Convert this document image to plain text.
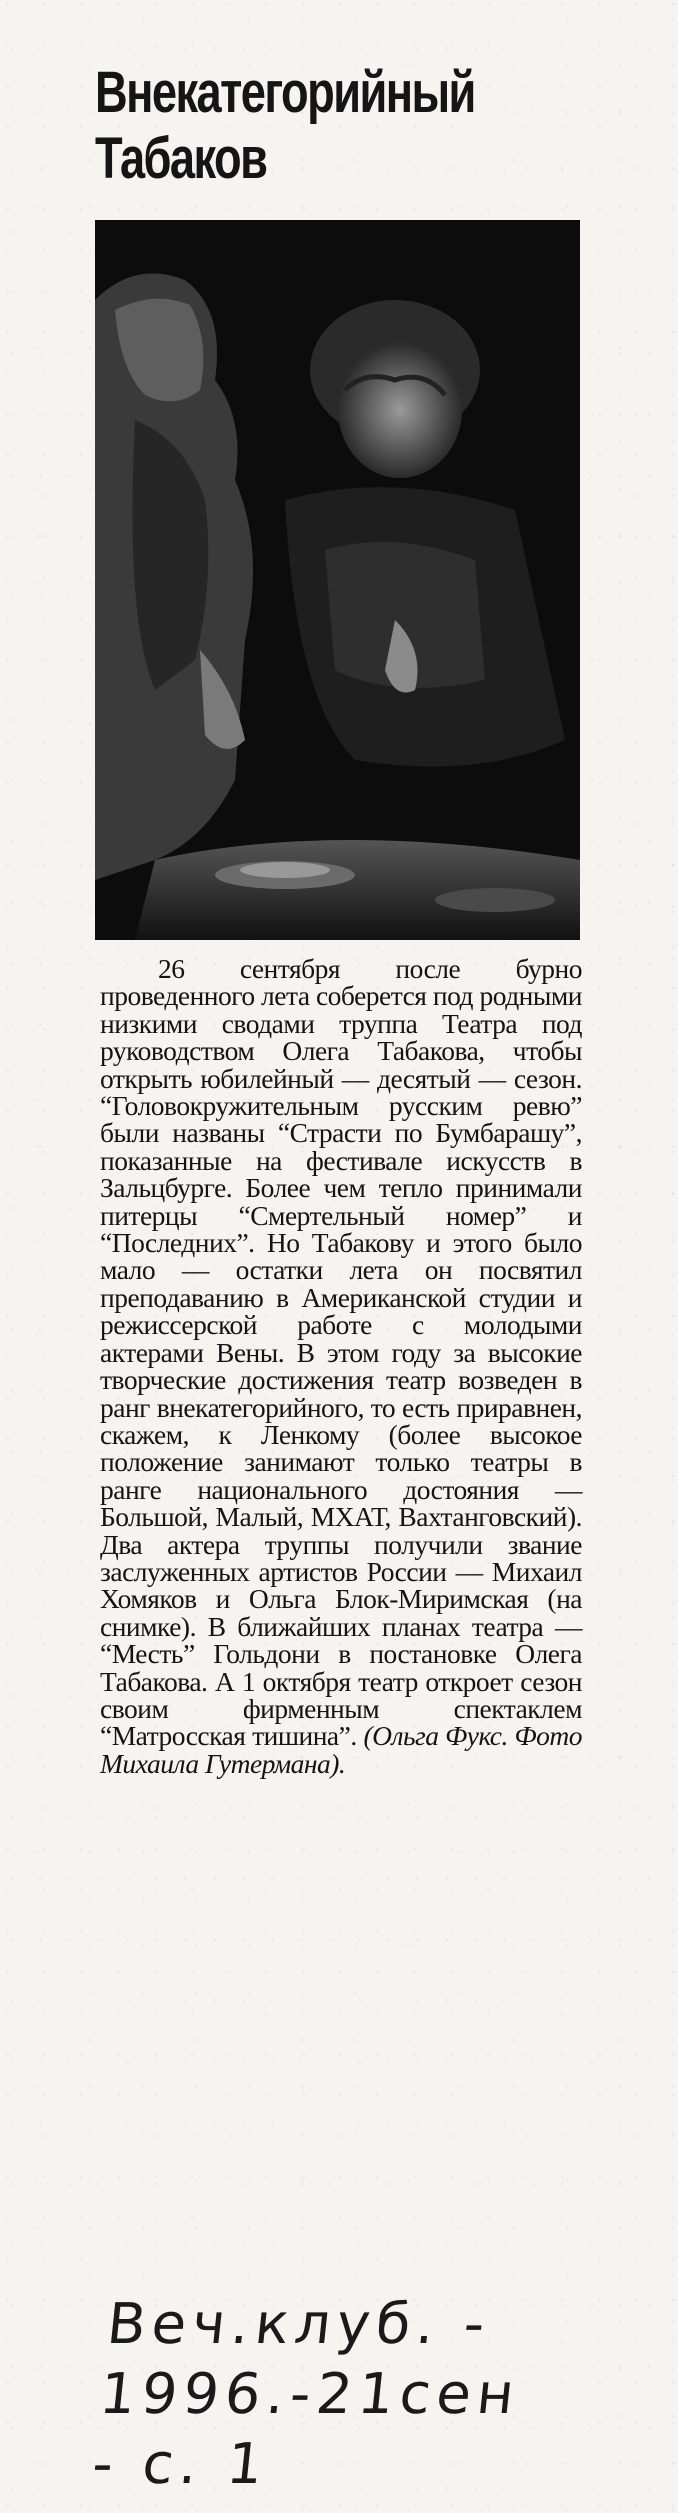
Внекатегорийный
Табаков

26 сентября после бурно проведенного лета соберется под родными низкими сводами труппа Театра под руководством Олега Табакова, чтобы открыть юбилейный — десятый — сезон. “Головокружительным русским ревю” были названы “Страсти по Бумбарашу”, показанные на фестивале искусств в Зальцбурге. Более чем тепло принимали питерцы “Смертельный номер” и “Последних”. Но Табакову и этого было мало — остатки лета он посвятил преподаванию в Американской студии и режиссерской работе с молодыми актерами Вены. В этом году за высокие творческие достижения театр возведен в ранг внекатегорийного, то есть приравнен, скажем, к Ленкому (более высокое положение занимают только театры в ранге национального достояния — Большой, Малый, МХАТ, Вахтанговский). Два актера труппы получили звание заслуженных артистов России — Михаил Хомяков и Ольга Блок-Миримская (на снимке). В ближайших планах театра — “Месть” Гольдони в постановке Олега Табакова. А 1 октября театр откроет сезон своим фирменным спектаклем “Матросская тишина”. (Ольга Фукс. Фото Михаила Гутермана).

Веч.клуб. -
1996.-21сен
- с. 1
